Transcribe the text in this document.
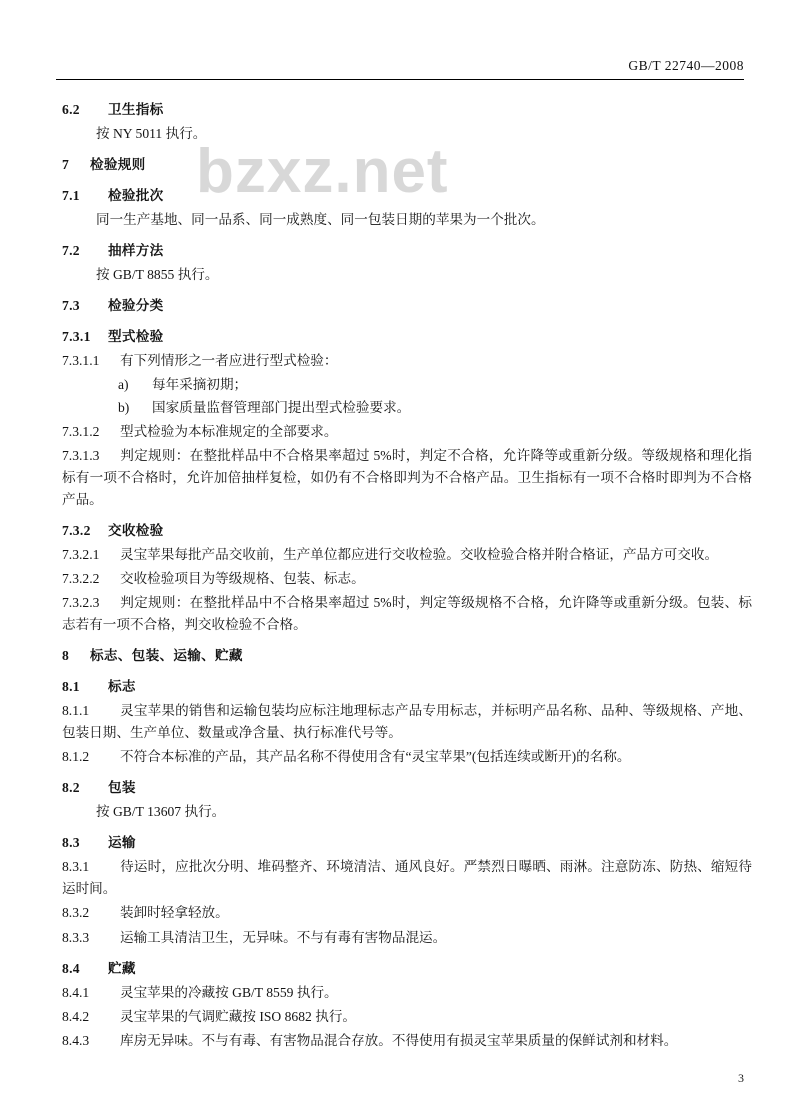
GB/T 22740—2008
bzxz.net
6.2 卫生指标
按 NY 5011 执行。
7 检验规则
7.1 检验批次
同一生产基地、同一品系、同一成熟度、同一包装日期的苹果为一个批次。
7.2 抽样方法
按 GB/T 8855 执行。
7.3 检验分类
7.3.1 型式检验
7.3.1.1 有下列情形之一者应进行型式检验：
a) 每年采摘初期；
b) 国家质量监督管理部门提出型式检验要求。
7.3.1.2 型式检验为本标准规定的全部要求。
7.3.1.3 判定规则：在整批样品中不合格果率超过 5%时，判定不合格，允许降等或重新分级。等级规格和理化指标有一项不合格时，允许加倍抽样复检，如仍有不合格即判为不合格产品。卫生指标有一项不合格时即判为不合格产品。
7.3.2 交收检验
7.3.2.1 灵宝苹果每批产品交收前，生产单位都应进行交收检验。交收检验合格并附合格证，产品方可交收。
7.3.2.2 交收检验项目为等级规格、包装、标志。
7.3.2.3 判定规则：在整批样品中不合格果率超过 5%时，判定等级规格不合格，允许降等或重新分级。包装、标志若有一项不合格，判交收检验不合格。
8 标志、包装、运输、贮藏
8.1 标志
8.1.1 灵宝苹果的销售和运输包装均应标注地理标志产品专用标志，并标明产品名称、品种、等级规格、产地、包装日期、生产单位、数量或净含量、执行标准代号等。
8.1.2 不符合本标准的产品，其产品名称不得使用含有“灵宝苹果”(包括连续或断开)的名称。
8.2 包装
按 GB/T 13607 执行。
8.3 运输
8.3.1 待运时，应批次分明、堆码整齐、环境清洁、通风良好。严禁烈日曝晒、雨淋。注意防冻、防热、缩短待运时间。
8.3.2 装卸时轻拿轻放。
8.3.3 运输工具清洁卫生，无异味。不与有毒有害物品混运。
8.4 贮藏
8.4.1 灵宝苹果的冷藏按 GB/T 8559 执行。
8.4.2 灵宝苹果的气调贮藏按 ISO 8682 执行。
8.4.3 库房无异味。不与有毒、有害物品混合存放。不得使用有损灵宝苹果质量的保鲜试剂和材料。
3
